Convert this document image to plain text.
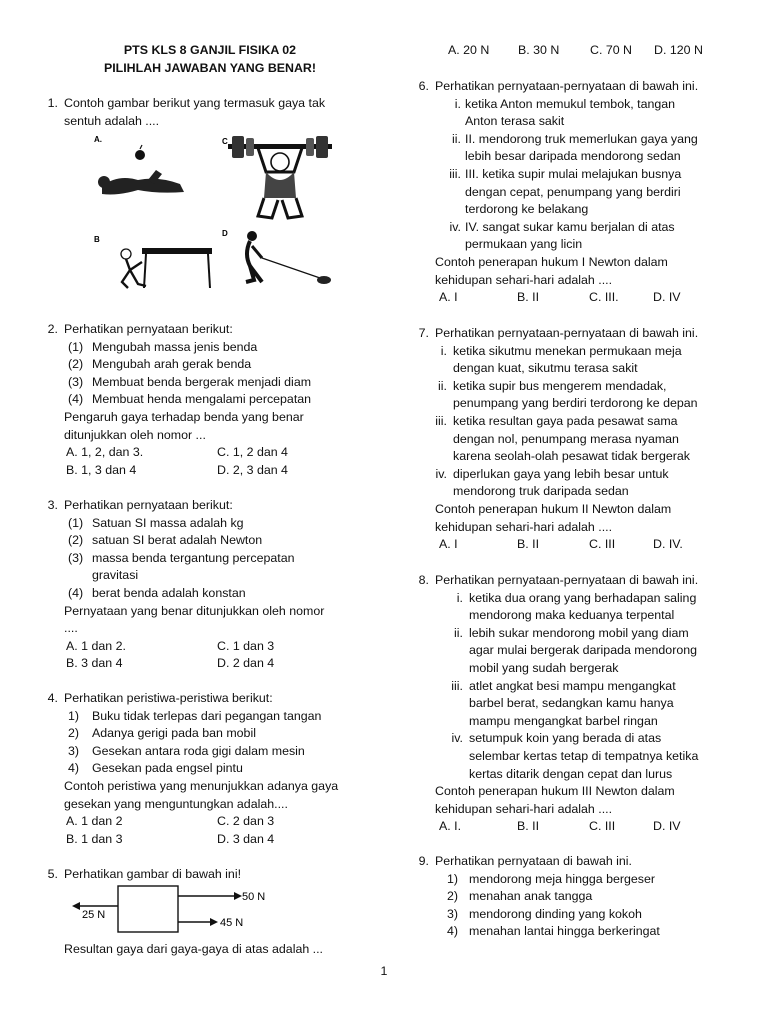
PTS KLS 8 GANJIL FISIKA 02
PILIHLAH JAWABAN YANG BENAR!
1. Contoh gambar berikut yang termasuk gaya tak
sentuh adalah ....
A.	C
B
D
2. Perhatikan pernyataan berikut:
(1) Mengubah massa jenis benda
(2) Mengubah arah gerak benda
(3) Membuat benda bergerak menjadi diam
(4) Membuat henda mengalami percepatan
Pengaruh gaya terhadap benda yang benar
ditunjukkan oleh nomor ...
A. 1, 2, dan 3.	C. 1, 2 dan 4
B. 1, 3 dan 4	D. 2, 3 dan 4
3. Perhatikan pernyataan berikut:
(1) Satuan SI massa adalah kg
(2) satuan SI berat adalah Newton
(3) massa benda tergantung percepatan
gravitasi
(4) berat benda adalah konstan
Pernyataan yang benar ditunjukkan oleh nomor
....
A. 1 dan 2.	C. 1 dan 3
B. 3 dan 4	D. 2 dan 4
4. Perhatikan peristiwa-peristiwa berikut:
1) Buku tidak terlepas dari pegangan tangan
2) Adanya gerigi pada ban mobil
3) Gesekan antara roda gigi dalam mesin
4) Gesekan pada engsel pintu
Contoh peristiwa yang menunjukkan adanya gaya
gesekan yang menguntungkan adalah....
A. 1 dan 2	C. 2 dan 3
B. 1 dan 3	D. 3 dan 4
5. Perhatikan gambar di bawah ini!
25 N
50 N
45 N
Resultan gaya dari gaya-gaya di atas adalah ...
A. 20 N B. 30 N C. 70 N D. 120 N
6. Perhatikan pernyataan-pernyataan di bawah ini.
i. ketika Anton memukul tembok, tangan
Anton terasa sakit
ii. II. mendorong truk memerlukan gaya yang
lebih besar daripada mendorong sedan
iii. III. ketika supir mulai melajukan busnya
dengan cepat, penumpang yang berdiri
terdorong ke belakang
iv. IV. sangat sukar kamu berjalan di atas
permukaan yang licin
Contoh penerapan hukum I Newton dalam
kehidupan sehari-hari adalah ....
A. I	B. II	C. III.	D. IV
7. Perhatikan pernyataan-pernyataan di bawah ini.
i. ketika sikutmu menekan permukaan meja
dengan kuat, sikutmu terasa sakit
ii. ketika supir bus mengerem mendadak,
penumpang yang berdiri terdorong ke depan
iii. ketika resultan gaya pada pesawat sama
dengan nol, penumpang merasa nyaman
karena seolah-olah pesawat tidak bergerak
iv. diperlukan gaya yang lebih besar untuk
mendorong truk daripada sedan
Contoh penerapan hukum II Newton dalam
kehidupan sehari-hari adalah ....
A. I	B. II	C. III	D. IV.
8. Perhatikan pernyataan-pernyataan di bawah ini.
i. ketika dua orang yang berhadapan saling
mendorong maka keduanya terpental
ii. lebih sukar mendorong mobil yang diam
agar mulai bergerak daripada mendorong
mobil yang sudah bergerak
iii. atlet angkat besi mampu mengangkat
barbel berat, sedangkan kamu hanya
mampu mengangkat barbel ringan
iv. setumpuk koin yang berada di atas
selembar kertas tetap di tempatnya ketika
kertas ditarik dengan cepat dan lurus
Contoh penerapan hukum III Newton dalam
kehidupan sehari-hari adalah ....
A. I.	B. II	C. III	D. IV
9. Perhatikan pernyataan di bawah ini.
1) mendorong meja hingga bergeser
2) menahan anak tangga
3) mendorong dinding yang kokoh
4) menahan lantai hingga berkeringat
1
